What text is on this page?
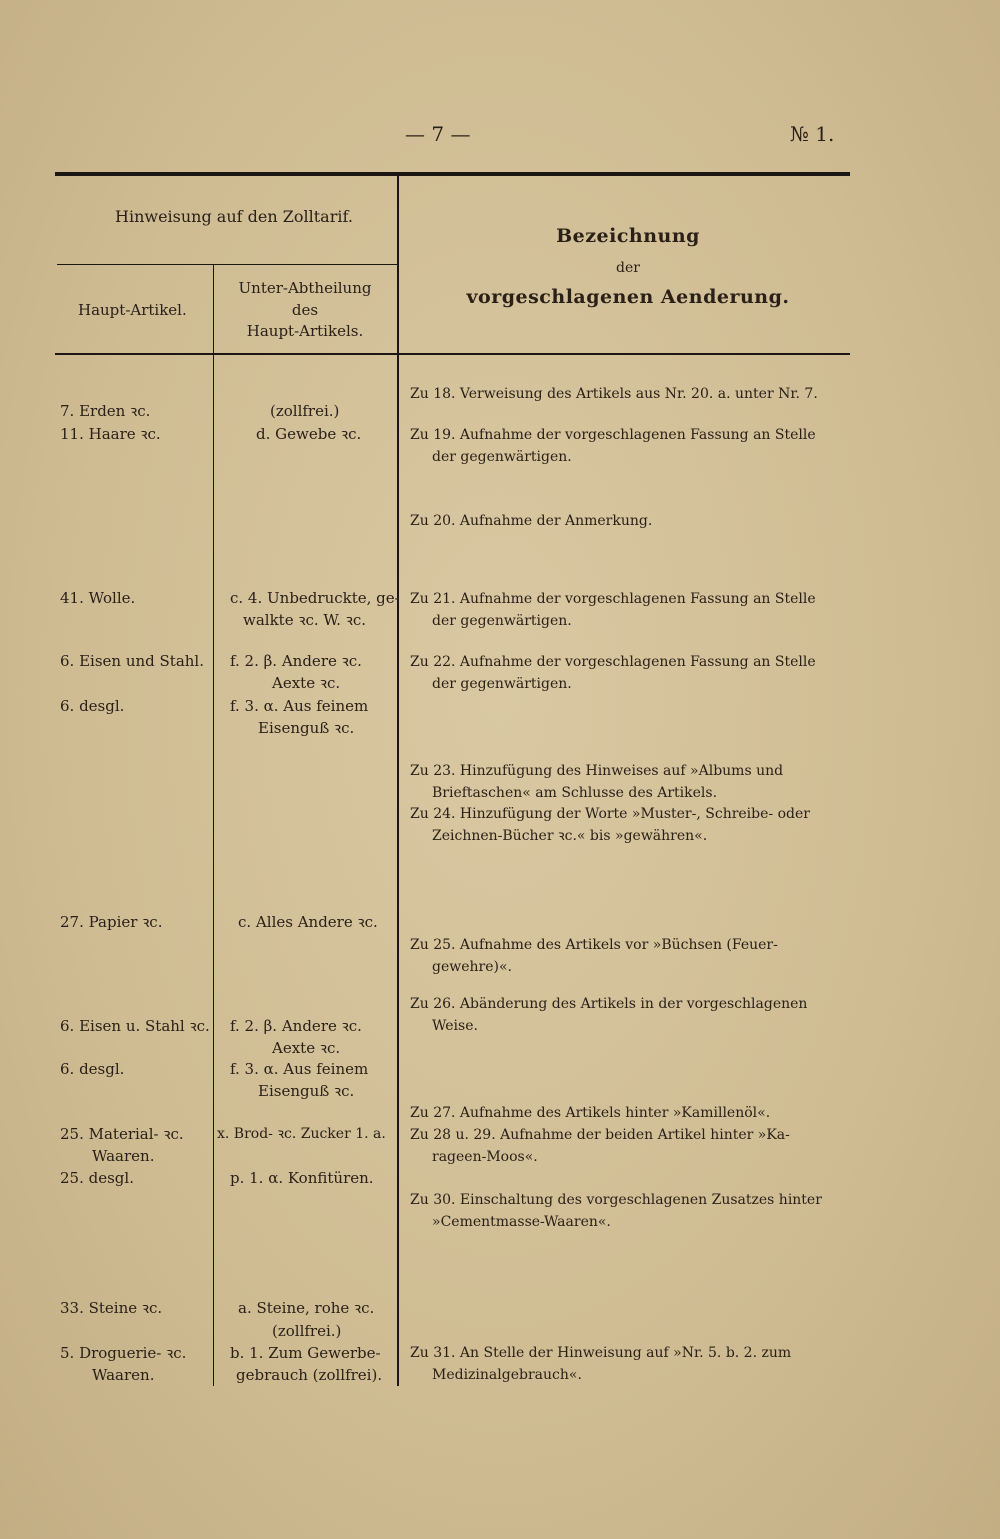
— 7 —	№ 1.
Hinweisung auf den Zolltarif.
Haupt-Artikel.
Unter-Abtheilung
des
Haupt-Artikels.
Bezeichnung
der
vorgeschlagenen Aenderung.
7. Erden ꝛc.
11. Haare ꝛc.
41. Wolle.
6. Eisen und Stahl.
6. desgl.
27. Papier ꝛc.
6. Eisen u. Stahl ꝛc.
6. desgl.
25. Material- ꝛc.
Waaren.
25. desgl.
33. Steine ꝛc.
5. Droguerie- ꝛc.
Waaren.
(zollfrei.)
d. Gewebe ꝛc.
c. 4. Unbedruckte, ge-
walkte ꝛc. W. ꝛc.
f. 2. β. Andere ꝛc.
Aexte ꝛc.
f. 3. α. Aus feinem
Eisenguß ꝛc.
c. Alles Andere ꝛc.
f. 2. β. Andere ꝛc.
Aexte ꝛc.
f. 3. α. Aus feinem
Eisenguß ꝛc.
x. Brod- ꝛc. Zucker 1. a.
p. 1. α. Konfitüren.
a. Steine, rohe ꝛc.
(zollfrei.)
b. 1. Zum Gewerbe-
gebrauch (zollfrei).
Zu 18. Verweisung des Artikels aus Nr. 20. a. unter Nr. 7.
Zu 19. Aufnahme der vorgeschlagenen Fassung an Stelle
der gegenwärtigen.
Zu 20. Aufnahme der Anmerkung.
Zu 21. Aufnahme der vorgeschlagenen Fassung an Stelle
der gegenwärtigen.
Zu 22. Aufnahme der vorgeschlagenen Fassung an Stelle
der gegenwärtigen.
Zu 23. Hinzufügung des Hinweises auf »Albums und
Brieftaschen« am Schlusse des Artikels.
Zu 24. Hinzufügung der Worte »Muster-, Schreibe- oder
Zeichnen-Bücher ꝛc.« bis »gewähren«.
Zu 25. Aufnahme des Artikels vor »Büchsen (Feuer-
gewehre)«.
Zu 26. Abänderung des Artikels in der vorgeschlagenen
Weise.
Zu 27. Aufnahme des Artikels hinter »Kamillenöl«.
Zu 28 u. 29. Aufnahme der beiden Artikel hinter »Ka-
rageen-Moos«.
Zu 30. Einschaltung des vorgeschlagenen Zusatzes hinter
»Cementmasse-Waaren«.
Zu 31. An Stelle der Hinweisung auf »Nr. 5. b. 2. zum
Medizinalgebrauch«.
